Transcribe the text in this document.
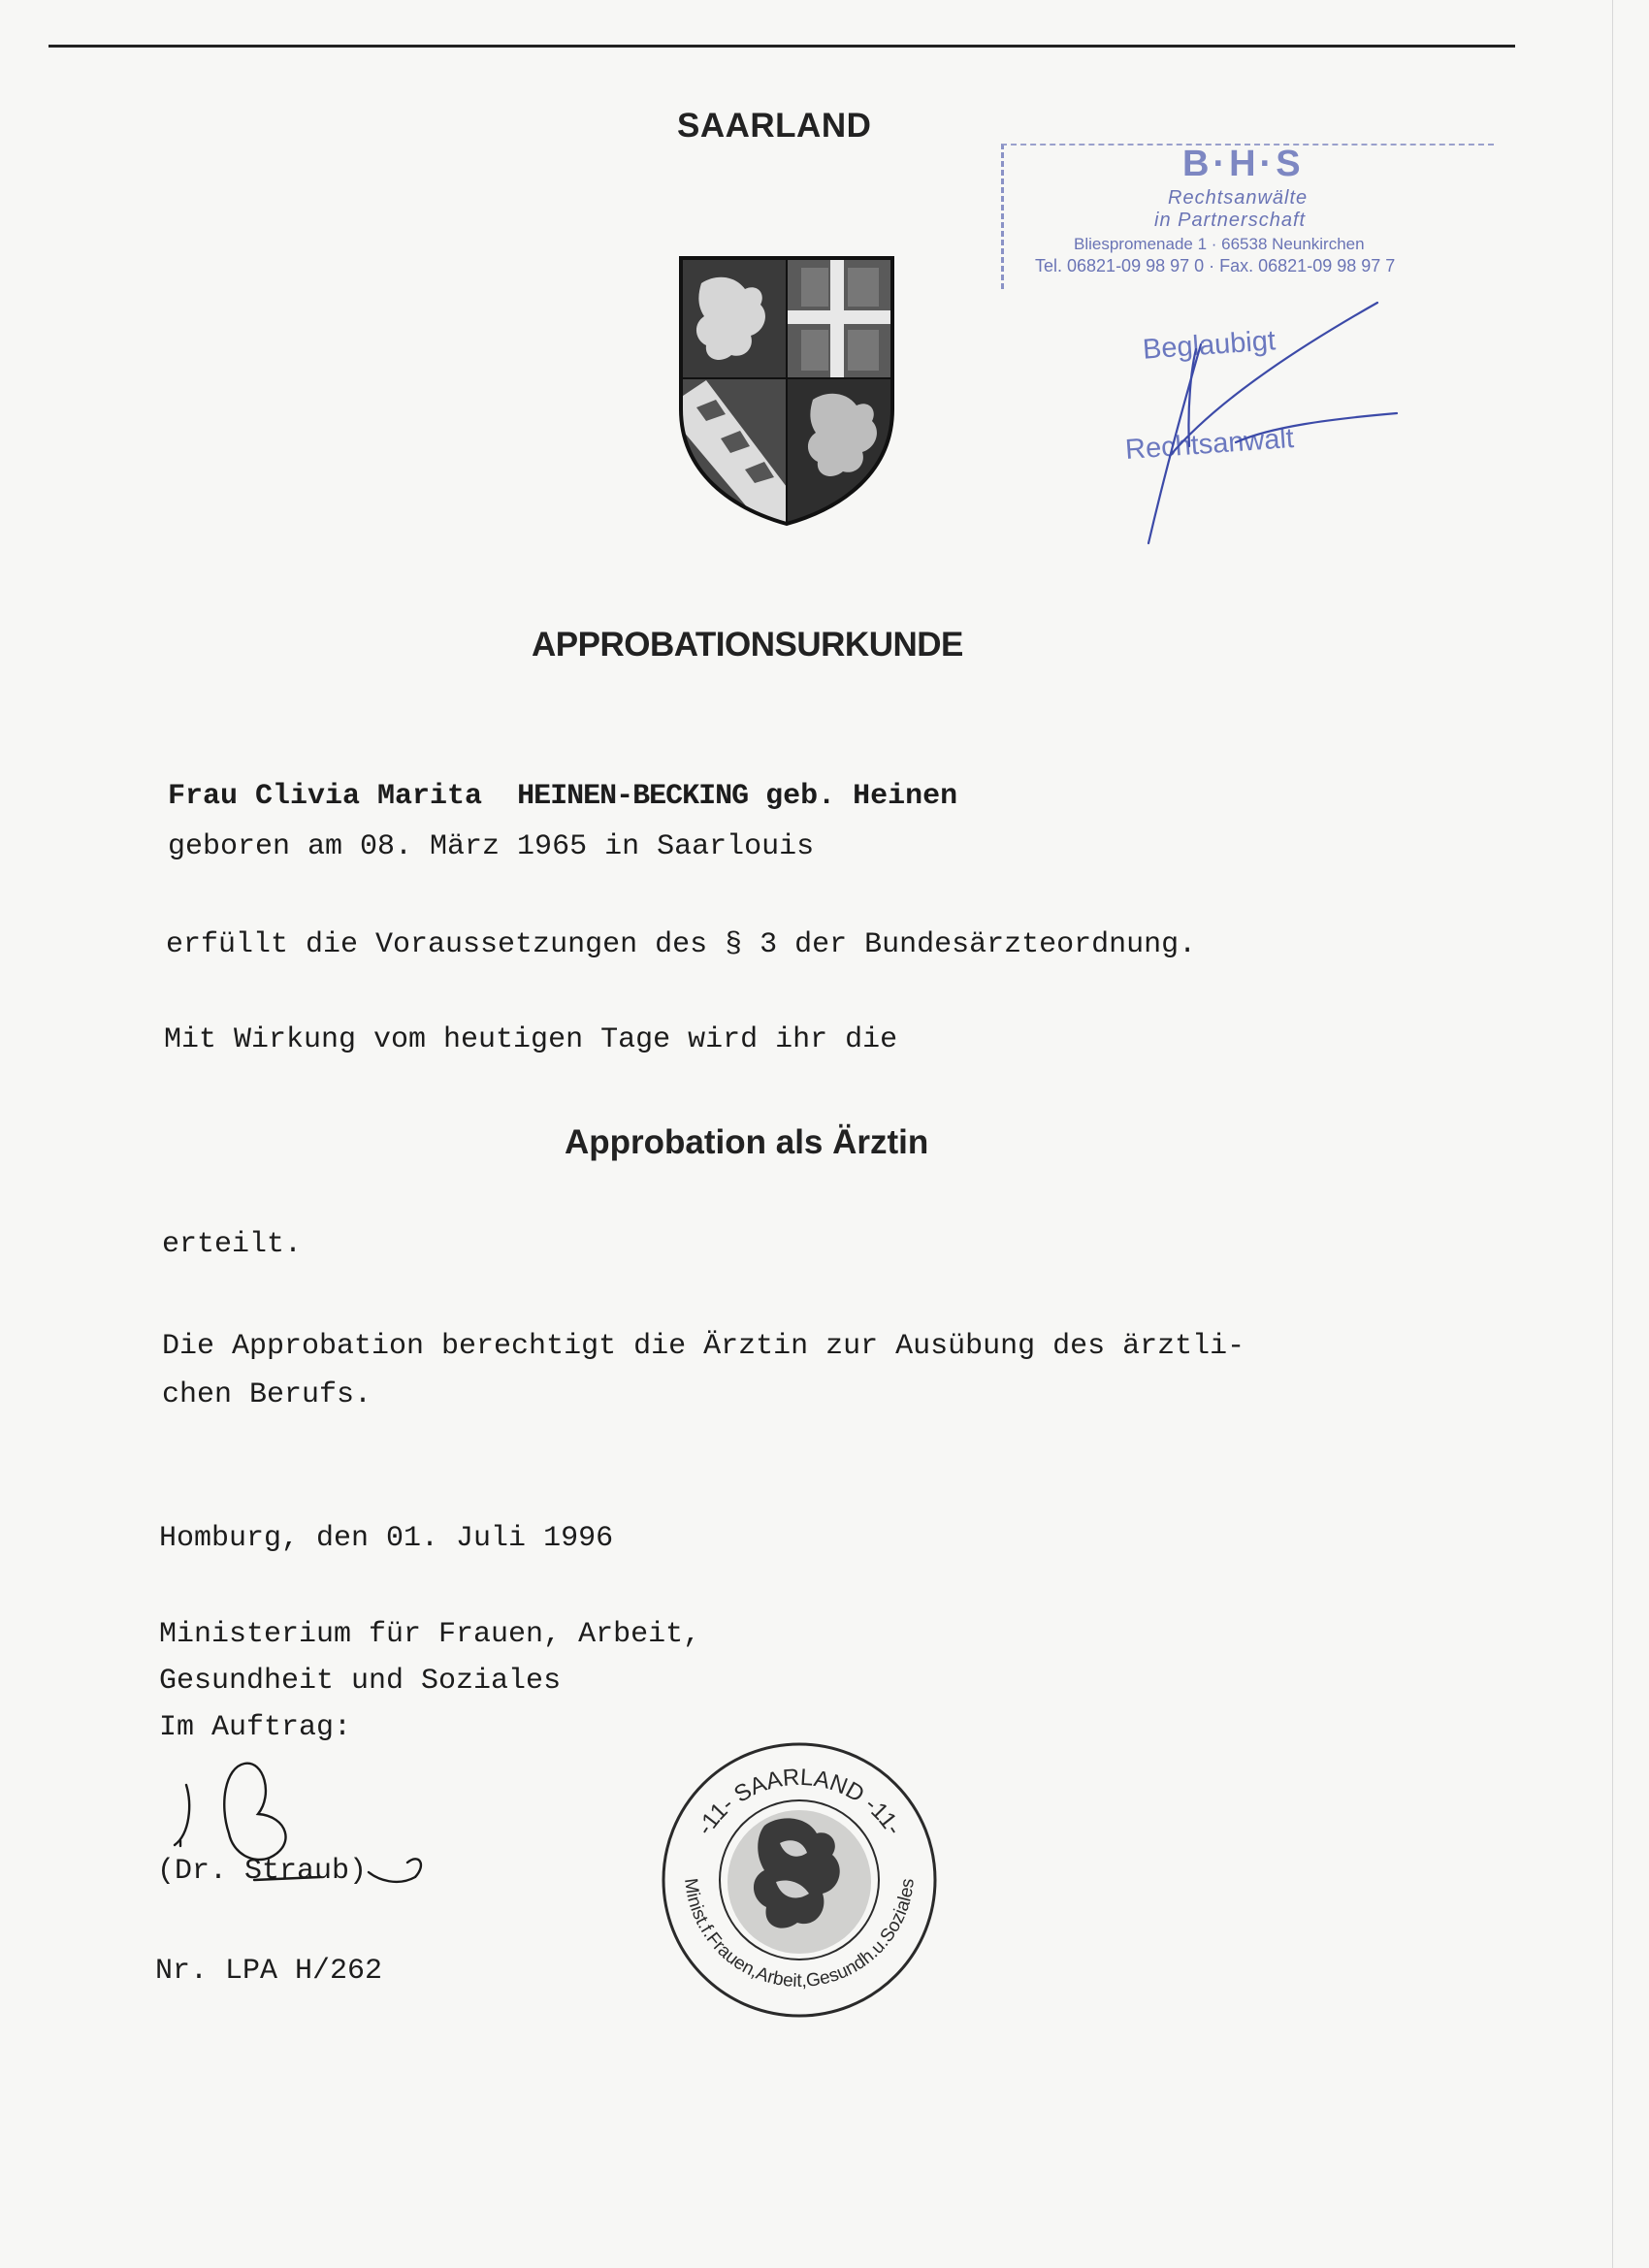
SAARLAND
B·H·S
Rechtsanwälte
in Partnerschaft
Bliespromenade 1 · 66538 Neunkirchen
Tel. 06821-09 98 97 0 · Fax. 06821-09 98 97 7
Beglaubigt
Rechtsanwalt
APPROBATIONSURKUNDE
Frau Clivia Marita HEINEN-BECKING geb. Heinen
geboren am 08. März 1965 in Saarlouis
erfüllt die Voraussetzungen des § 3 der Bundesärzteordnung.
Mit Wirkung vom heutigen Tage wird ihr die
Approbation als Ärztin
erteilt.
Die Approbation berechtigt die Ärztin zur Ausübung des ärztli-
chen Berufs.
Homburg, den 01. Juli 1996
Ministerium für Frauen, Arbeit,
Gesundheit und Soziales
Im Auftrag:
(Dr. Straub)
Nr. LPA H/262
-11- SAARLAND -11-
Minist.f.Frauen,Arbeit,Gesundh.u.Soziales
